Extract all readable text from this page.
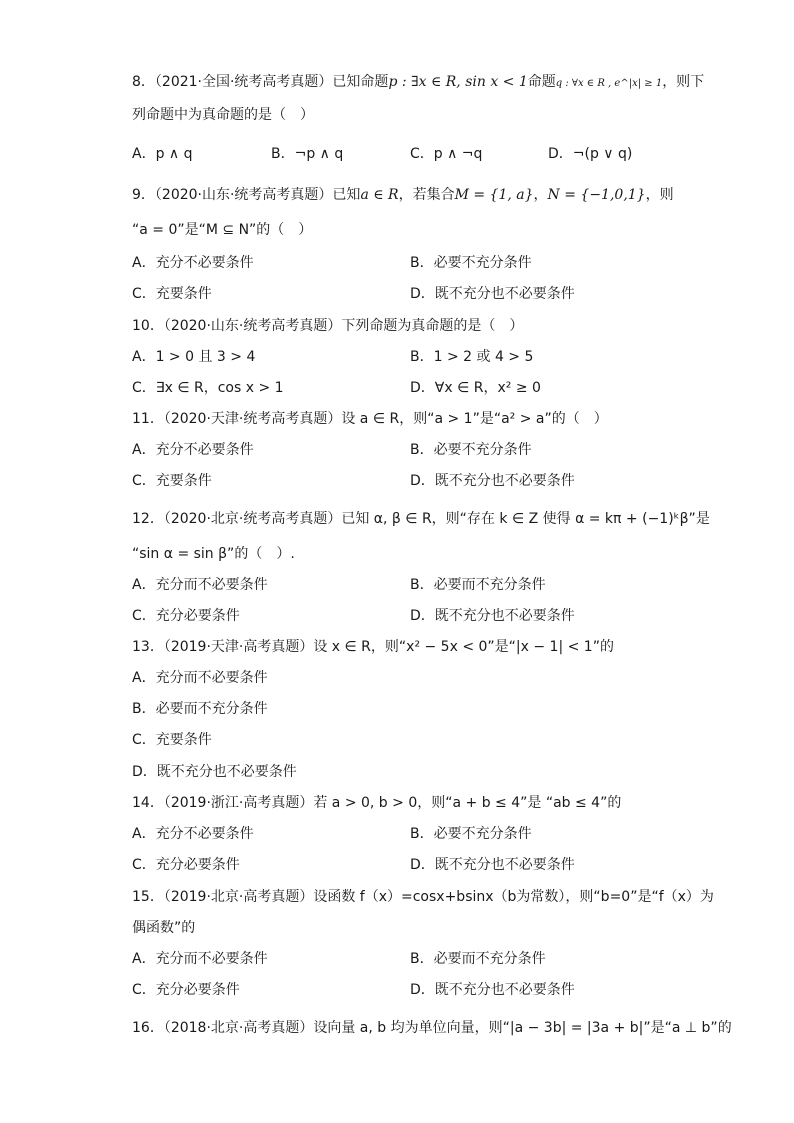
8．（2021·全国·统考高考真题）已知命题p : ∃x ∈ R, sin x < 1命题q : ∀x ∈ R , e^|x| ≥ 1，则下
列命题中为真命题的是（　）
A．p ∧ q	B．¬p ∧ q	C．p ∧ ¬q	D．¬(p ∨ q)
9．（2020·山东·统考高考真题）已知a ∈ R，若集合M = {1, a}，N = {−1,0,1}，则
“a = 0”是“M ⊆ N”的（　）
A．充分不必要条件	B．必要不充分条件
C．充要条件	D．既不充分也不必要条件
10．（2020·山东·统考高考真题）下列命题为真命题的是（　）
A．1 > 0 且 3 > 4	B．1 > 2 或 4 > 5
C．∃x ∈ R，cos x > 1	D．∀x ∈ R，x² ≥ 0
11．（2020·天津·统考高考真题）设 a ∈ R，则“a > 1”是“a² > a”的（　）
A．充分不必要条件	B．必要不充分条件
C．充要条件	D．既不充分也不必要条件
12．（2020·北京·统考高考真题）已知 α, β ∈ R，则“存在 k ∈ Z 使得 α = kπ + (−1)ᵏβ”是
“sin α = sin β”的（　）.
A．充分而不必要条件	B．必要而不充分条件
C．充分必要条件	D．既不充分也不必要条件
13．（2019·天津·高考真题）设 x ∈ R，则“x² − 5x < 0”是“|x − 1| < 1”的
A．充分而不必要条件
B．必要而不充分条件
C．充要条件
D．既不充分也不必要条件
14．（2019·浙江·高考真题）若 a > 0, b > 0，则“a + b ≤ 4”是 “ab ≤ 4”的
A．充分不必要条件	B．必要不充分条件
C．充分必要条件	D．既不充分也不必要条件
15．（2019·北京·高考真题）设函数 f（x）=cosx+bsinx（b为常数），则“b=0”是“f（x）为
偶函数”的
A．充分而不必要条件	B．必要而不充分条件
C．充分必要条件	D．既不充分也不必要条件
16．（2018·北京·高考真题）设向量 a, b 均为单位向量，则“|a − 3b| = |3a + b|”是“a ⊥ b”的
